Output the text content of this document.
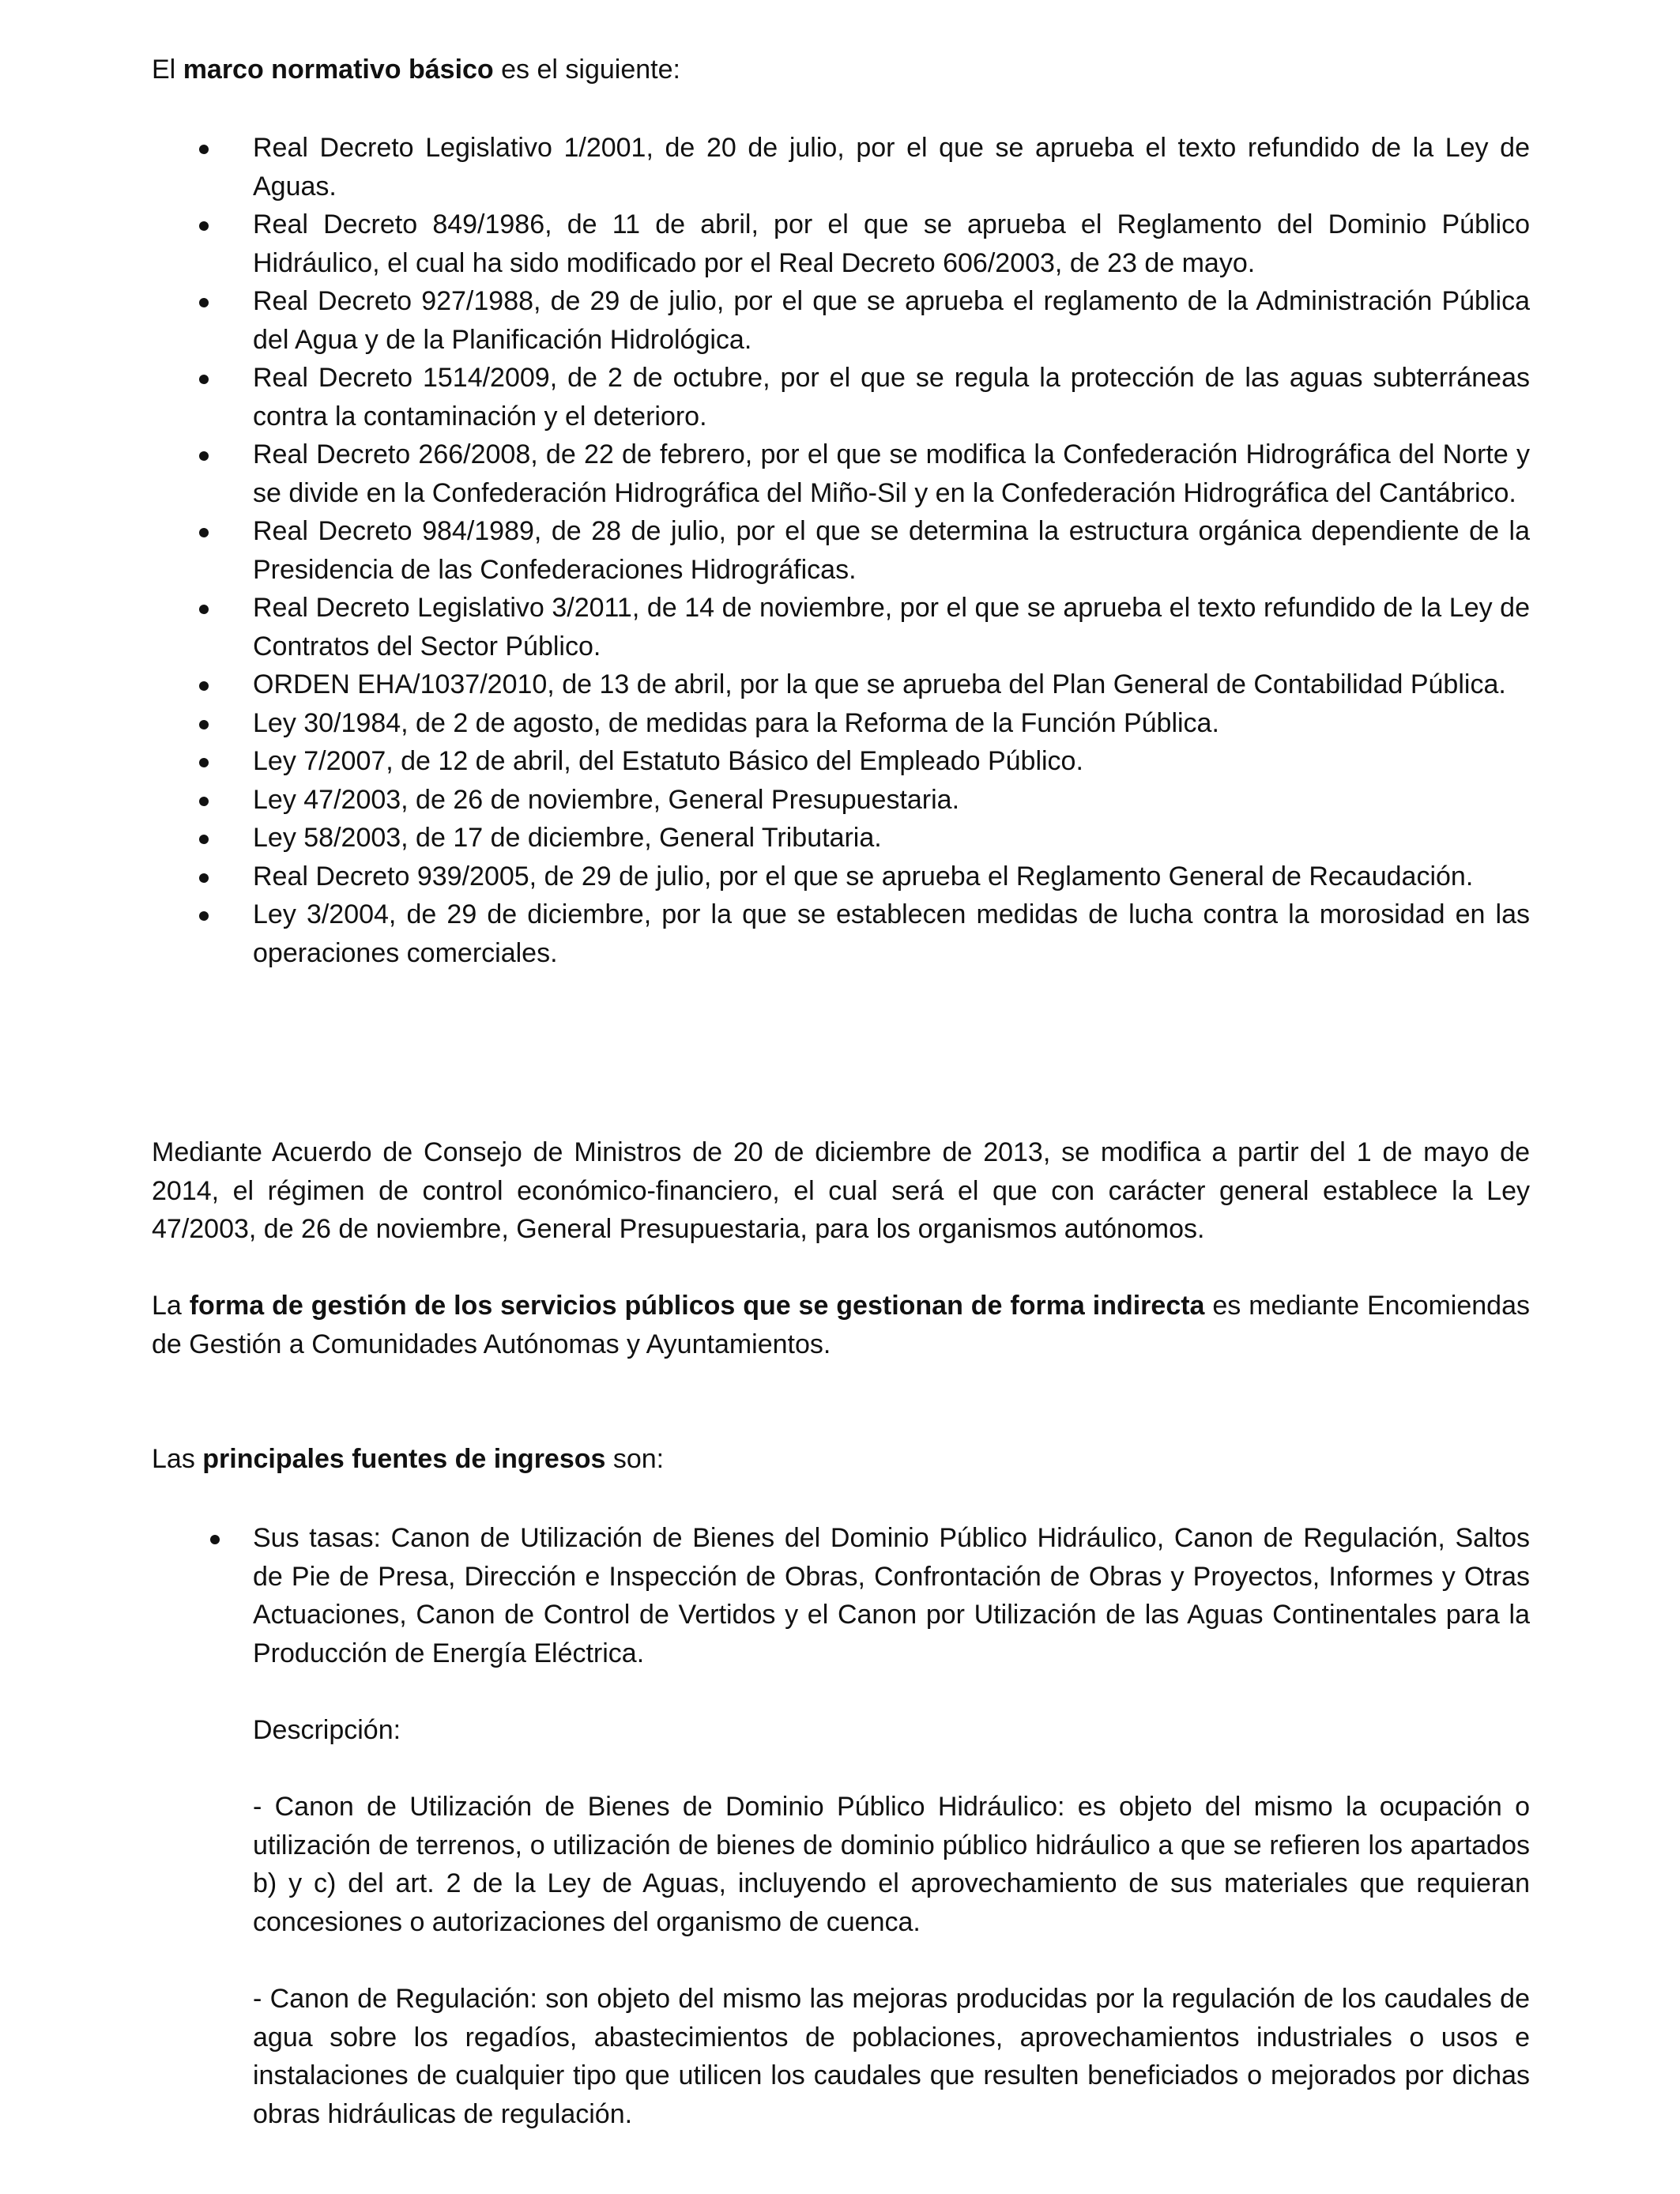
El marco normativo básico es el siguiente:

Real Decreto Legislativo 1/2001, de 20 de julio, por el que se aprueba el texto refundido de la Ley de Aguas.
Real Decreto 849/1986, de 11 de abril, por el que se aprueba el Reglamento del Dominio Público Hidráulico, el cual ha sido modificado por el Real Decreto 606/2003, de 23 de mayo.
Real Decreto 927/1988, de 29 de julio, por el que se aprueba el reglamento de la Administración Pública del Agua y de la Planificación Hidrológica.
Real Decreto 1514/2009, de 2 de octubre, por el que se regula la protección de las aguas subterráneas contra la contaminación y el deterioro.
Real Decreto 266/2008, de 22 de febrero, por el que se modifica la Confederación Hidrográfica del Norte y se divide en la Confederación Hidrográfica del Miño-Sil y en la Confederación Hidrográfica del Cantábrico.
Real Decreto 984/1989, de 28 de julio, por el que se determina la estructura orgánica dependiente de la Presidencia de las Confederaciones Hidrográficas.
Real Decreto Legislativo 3/2011, de 14 de noviembre, por el que se aprueba el texto refundido de la Ley de Contratos del Sector Público.
ORDEN EHA/1037/2010, de 13 de abril, por la que se aprueba del Plan General de Contabilidad Pública.
Ley 30/1984, de 2 de agosto, de medidas para la Reforma de la Función Pública.
Ley 7/2007, de 12 de abril, del Estatuto Básico del Empleado Público.
Ley 47/2003, de 26 de noviembre, General Presupuestaria.
Ley 58/2003, de 17 de diciembre, General Tributaria.
Real Decreto 939/2005, de 29 de julio, por el que se aprueba el Reglamento General de Recaudación.
Ley 3/2004, de 29 de diciembre, por la que se establecen medidas de lucha contra la morosidad en las operaciones comerciales.

Mediante Acuerdo de Consejo de Ministros de 20 de diciembre de 2013, se modifica a partir del 1 de mayo de 2014, el régimen de control económico-financiero, el cual será el que con carácter general establece la Ley 47/2003, de 26 de noviembre, General Presupuestaria, para los organismos autónomos.

La forma de gestión de los servicios públicos que se gestionan de forma indirecta es mediante Encomiendas de Gestión a Comunidades Autónomas y Ayuntamientos.

Las principales fuentes de ingresos son:

Sus tasas: Canon de Utilización de Bienes del Dominio Público Hidráulico, Canon de Regulación, Saltos de Pie de Presa, Dirección e Inspección de Obras, Confrontación de Obras y Proyectos, Informes y Otras Actuaciones, Canon de Control de Vertidos y el Canon por Utilización de las Aguas Continentales para la Producción de Energía Eléctrica.

Descripción:

- Canon de Utilización de Bienes de Dominio Público Hidráulico: es objeto del mismo la ocupación o utilización de terrenos, o utilización de bienes de dominio público hidráulico a que se refieren los apartados b) y c) del art. 2 de la Ley de Aguas, incluyendo el aprovechamiento de sus materiales que requieran concesiones o autorizaciones del organismo de cuenca.

- Canon de Regulación: son objeto del mismo las mejoras producidas por la regulación de los caudales de agua sobre los regadíos, abastecimientos de poblaciones, aprovechamientos industriales o usos e instalaciones de cualquier tipo que utilicen los caudales que resulten beneficiados o mejorados por dichas obras hidráulicas de regulación.
